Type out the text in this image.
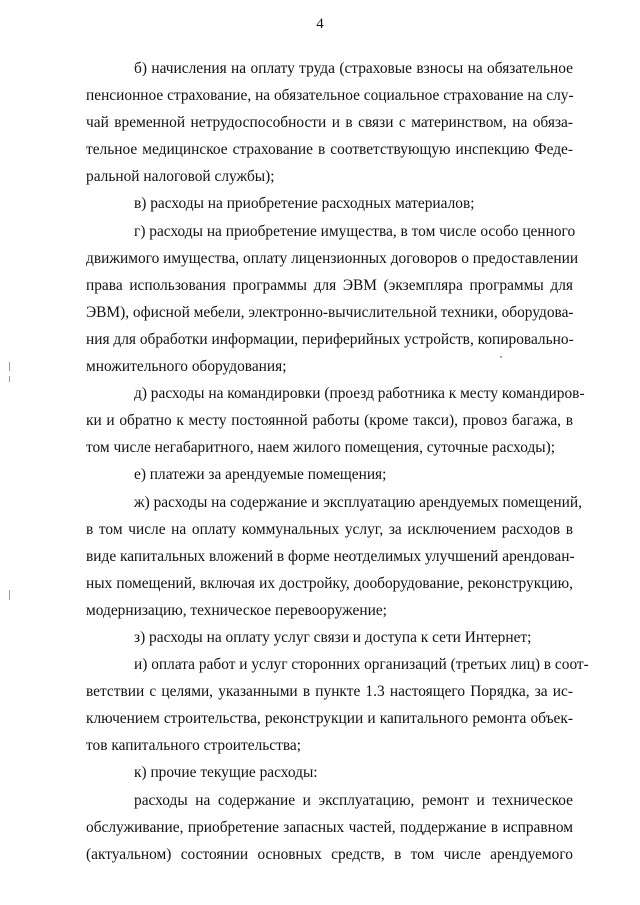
4
б) начисления на оплату труда (страховые взносы на обязательное
пенсионное страхование, на обязательное социальное страхование на слу-
чай временной нетрудоспособности и в связи с материнством, на обяза-
тельное медицинское страхование в соответствующую инспекцию Феде-
ральной налоговой службы);
в) расходы на приобретение расходных материалов;
г) расходы на приобретение имущества, в том числе особо ценного
движимого имущества, оплату лицензионных договоров о предоставлении
права использования программы для ЭВМ (экземпляра программы для
ЭВМ), офисной мебели, электронно-вычислительной техники, оборудова-
ния для обработки информации, периферийных устройств, копировально-
множительного оборудования;
д) расходы на командировки (проезд работника к месту командиров-
ки и обратно к месту постоянной работы (кроме такси), провоз багажа, в
том числе негабаритного, наем жилого помещения, суточные расходы);
е) платежи за арендуемые помещения;
ж) расходы на содержание и эксплуатацию арендуемых помещений,
в том числе на оплату коммунальных услуг, за исключением расходов в
виде капитальных вложений в форме неотделимых улучшений арендован-
ных помещений, включая их достройку, дооборудование, реконструкцию,
модернизацию, техническое перевооружение;
з) расходы на оплату услуг связи и доступа к сети Интернет;
и) оплата работ и услуг сторонних организаций (третьих лиц) в соот-
ветствии с целями, указанными в пункте 1.3 настоящего Порядка, за ис-
ключением строительства, реконструкции и капитального ремонта объек-
тов капитального строительства;
к) прочие текущие расходы:
расходы на содержание и эксплуатацию, ремонт и техническое
обслуживание, приобретение запасных частей, поддержание в исправном
(актуальном) состоянии основных средств, в том числе арендуемого
